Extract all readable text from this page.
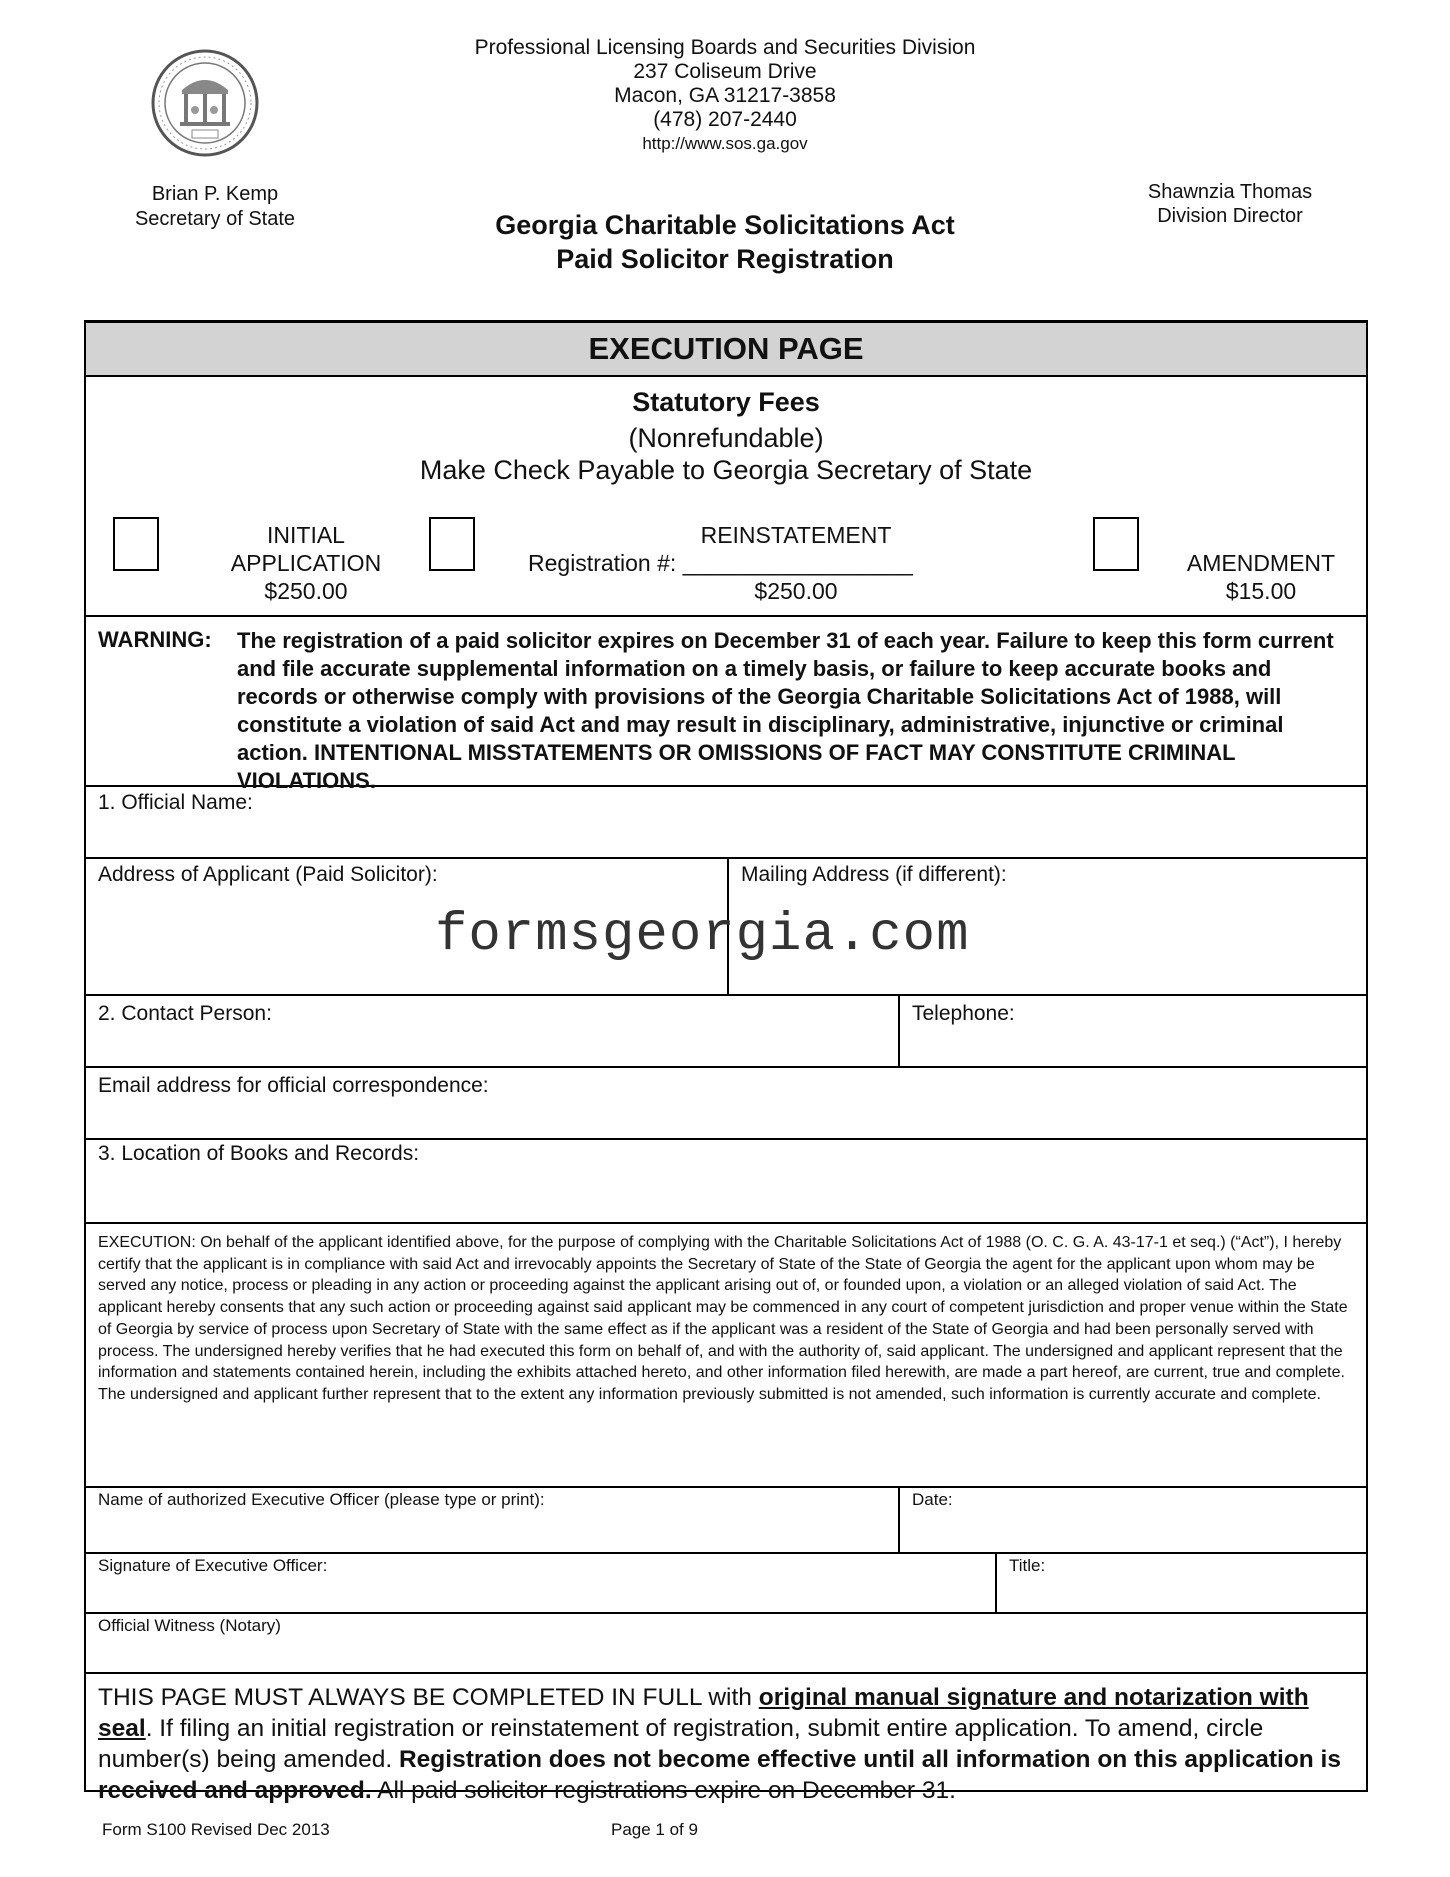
Professional Licensing Boards and Securities Division
237 Coliseum Drive
Macon, GA 31217-3858
(478) 207-2440
http://www.sos.ga.gov
Brian P. Kemp
Secretary of State
Shawnzia Thomas
Division Director
Georgia Charitable Solicitations Act
Paid Solicitor Registration
EXECUTION PAGE
Statutory Fees
(Nonrefundable)
Make Check Payable to Georgia Secretary of State
INITIAL
APPLICATION
$250.00
REINSTATEMENT
Registration #: __________________
$250.00
AMENDMENT
$15.00
WARNING: The registration of a paid solicitor expires on December 31 of each year. Failure to keep this form current and file accurate supplemental information on a timely basis, or failure to keep accurate books and records or otherwise comply with provisions of the Georgia Charitable Solicitations Act of 1988, will constitute a violation of said Act and may result in disciplinary, administrative, injunctive or criminal action. INTENTIONAL MISSTATEMENTS OR OMISSIONS OF FACT MAY CONSTITUTE CRIMINAL VIOLATIONS.
1. Official Name:
Address of Applicant (Paid Solicitor):	Mailing Address (if different):
2. Contact Person:	Telephone:
Email address for official correspondence:
3. Location of Books and Records:
EXECUTION: On behalf of the applicant identified above, for the purpose of complying with the Charitable Solicitations Act of 1988 (O. C. G. A. 43-17-1 et seq.) (“Act”), I hereby certify that the applicant is in compliance with said Act and irrevocably appoints the Secretary of State of the State of Georgia the agent for the applicant upon whom may be served any notice, process or pleading in any action or proceeding against the applicant arising out of, or founded upon, a violation or an alleged violation of said Act. The applicant hereby consents that any such action or proceeding against said applicant may be commenced in any court of competent jurisdiction and proper venue within the State of Georgia by service of process upon Secretary of State with the same effect as if the applicant was a resident of the State of Georgia and had been personally served with process. The undersigned hereby verifies that he had executed this form on behalf of, and with the authority of, said applicant. The undersigned and applicant represent that the information and statements contained herein, including the exhibits attached hereto, and other information filed herewith, are made a part hereof, are current, true and complete. The undersigned and applicant further represent that to the extent any information previously submitted is not amended, such information is currently accurate and complete.
Name of authorized Executive Officer (please type or print):	Date:
Signature of Executive Officer:	Title:
Official Witness (Notary)
THIS PAGE MUST ALWAYS BE COMPLETED IN FULL with original manual signature and notarization with seal. If filing an initial registration or reinstatement of registration, submit entire application. To amend, circle number(s) being amended. Registration does not become effective until all information on this application is received and approved. All paid solicitor registrations expire on December 31.
formsgeorgia.com
Form S100 Revised Dec 2013	Page 1 of 9
